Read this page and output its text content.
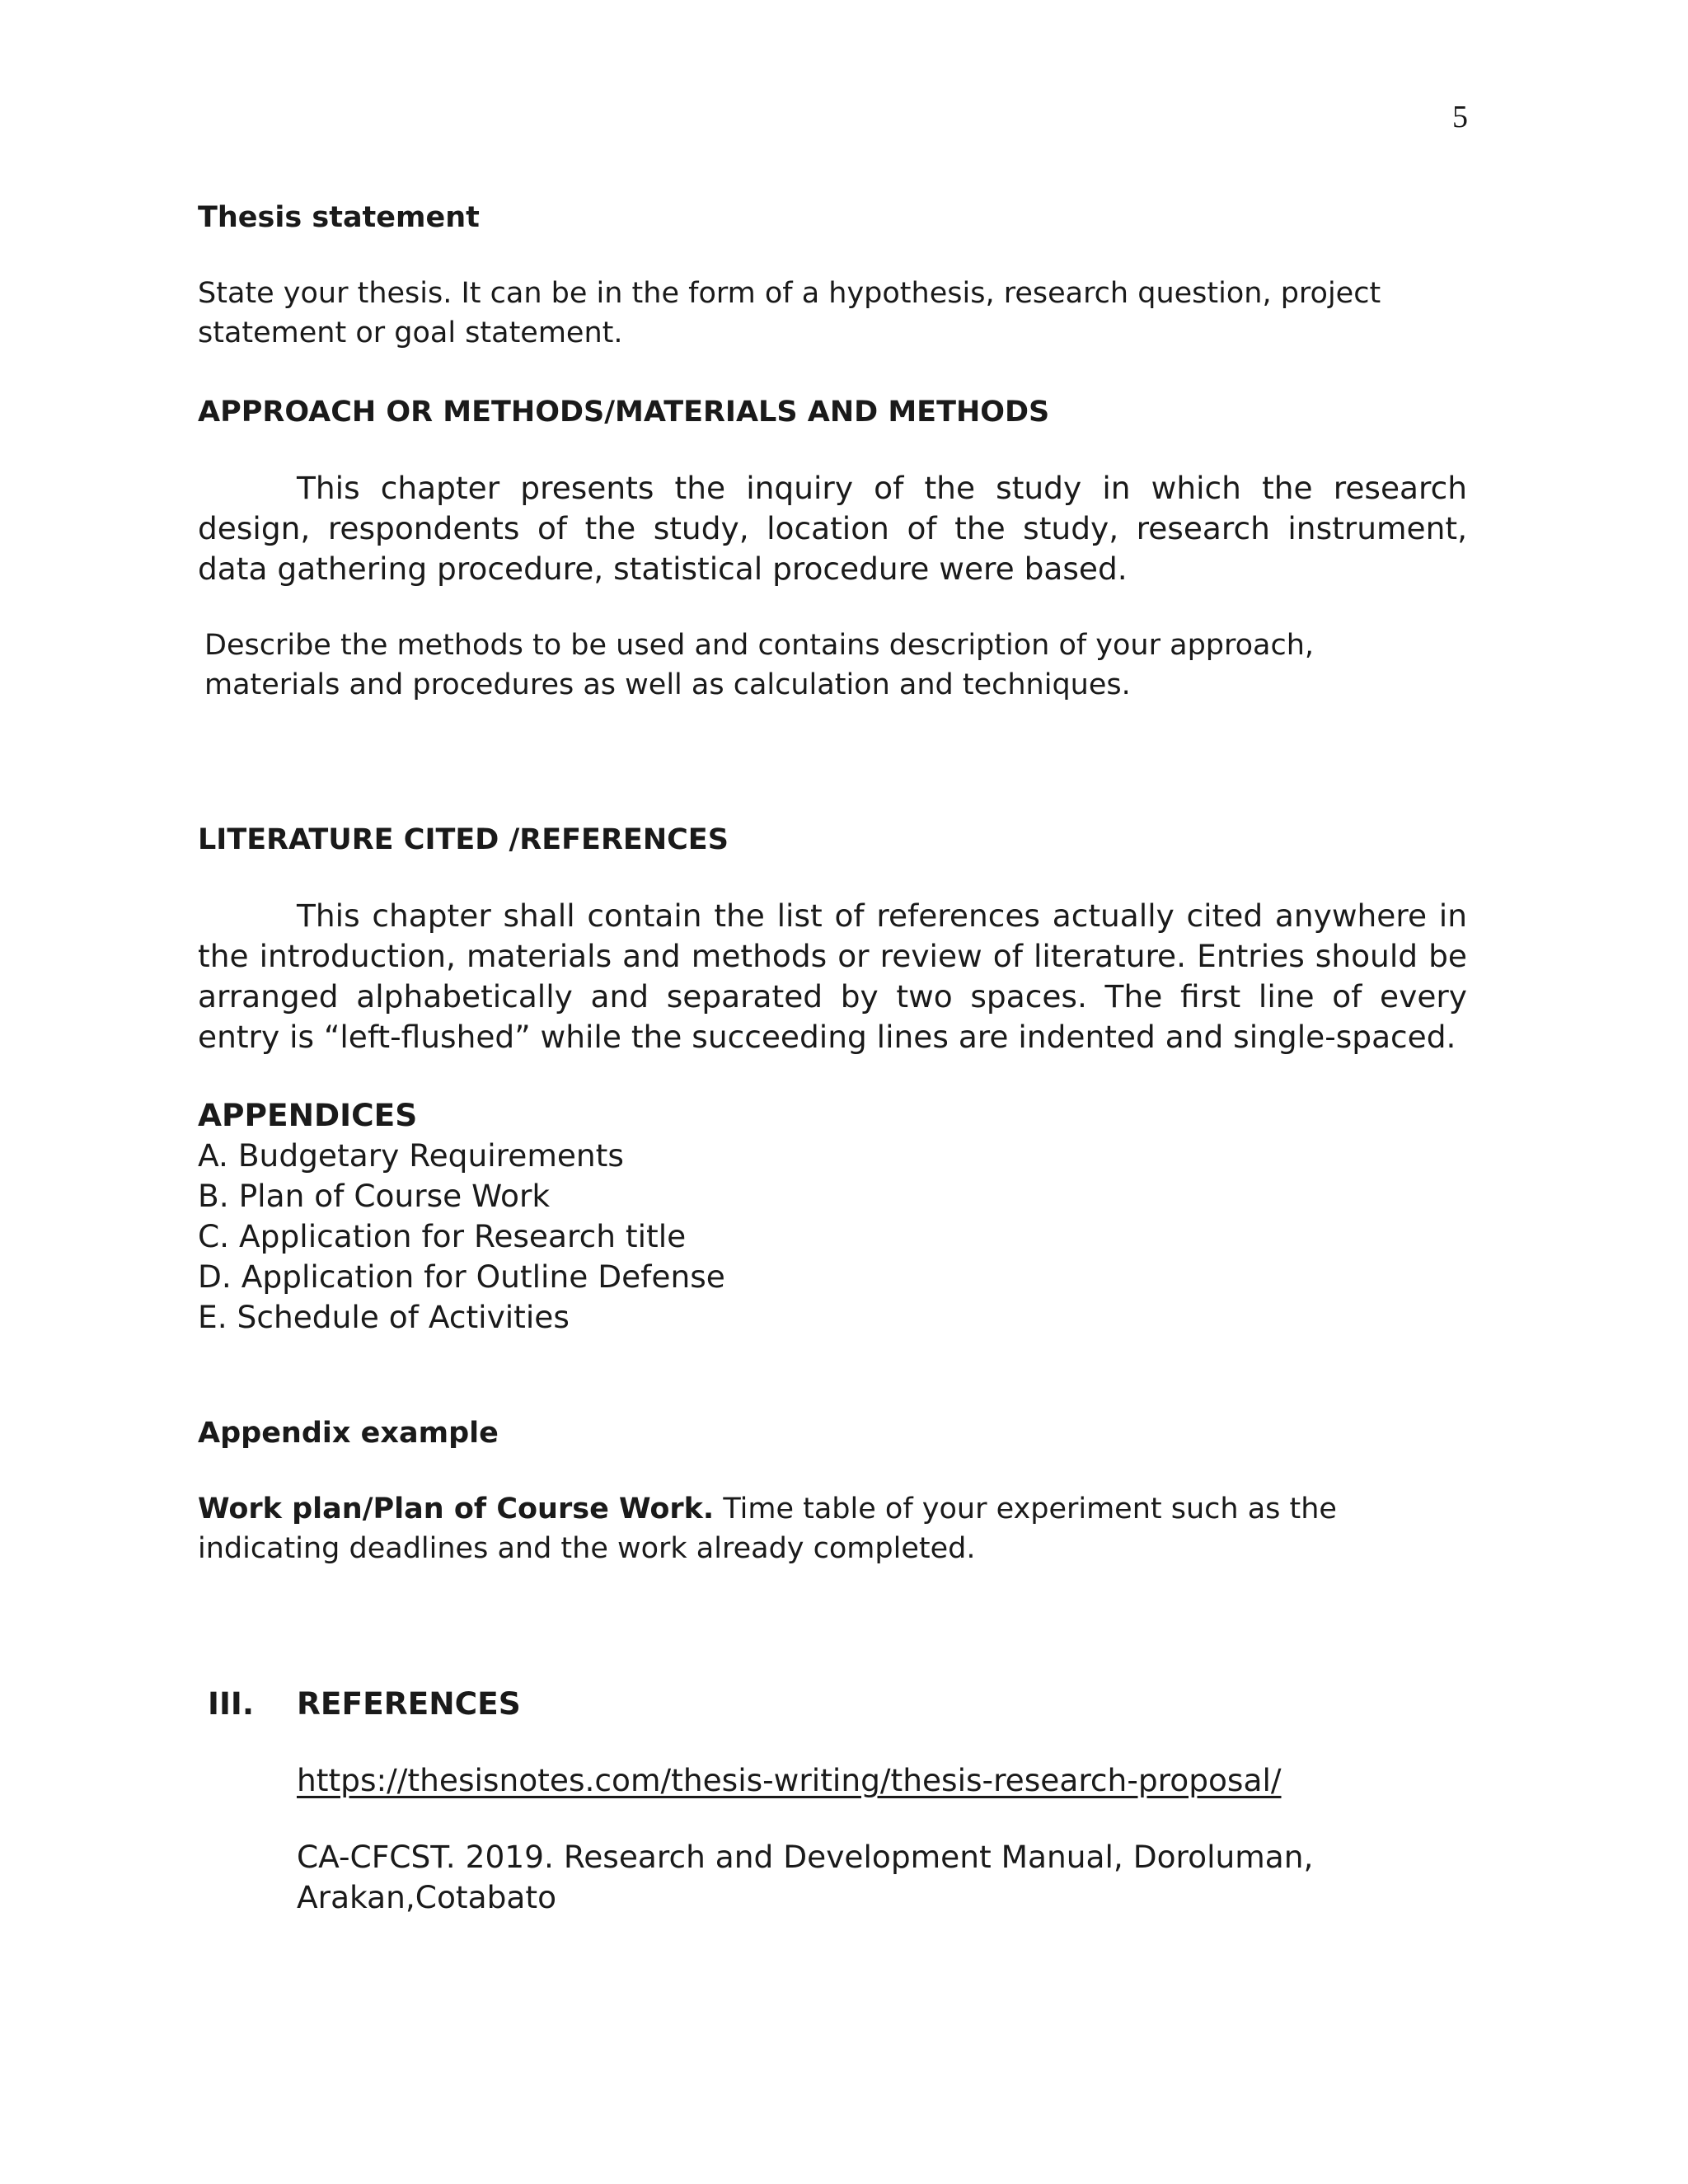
5

Thesis statement

State your thesis. It can be in the form of a hypothesis, research question, project statement or goal statement.

APPROACH OR METHODS/MATERIALS AND METHODS

This chapter presents the inquiry of the study in which the research design, respondents of the study, location of the study, research instrument, data gathering procedure, statistical procedure were based.

Describe the methods to be used and contains description of your approach, materials and procedures as well as calculation and techniques.

LITERATURE CITED /REFERENCES

This chapter shall contain the list of references actually cited anywhere in the introduction, materials and methods or review of literature. Entries should be arranged alphabetically and separated by two spaces. The first line of every entry is “left-flushed” while the succeeding lines are indented and single-spaced.

APPENDICES

A. Budgetary Requirements

B. Plan of Course Work

C. Application for Research title

D. Application for Outline Defense

E. Schedule of Activities

Appendix example

Work plan/Plan of Course Work. Time table of your experiment such as the indicating deadlines and the work already completed.

III.	REFERENCES
https://thesisnotes.com/thesis-writing/thesis-research-proposal/

CA-CFCST. 2019. Research and Development Manual, Doroluman, Arakan,Cotabato
